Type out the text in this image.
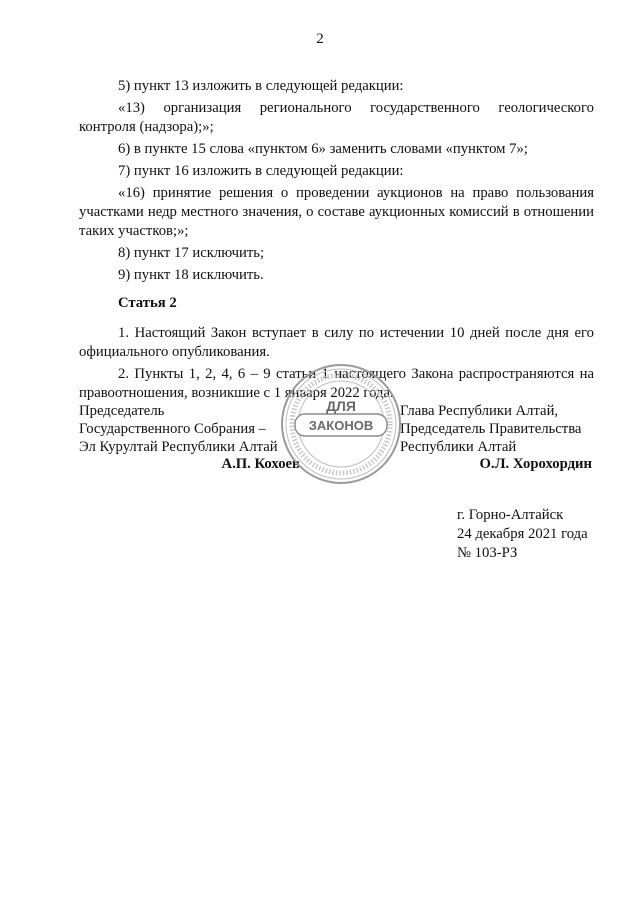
2

5) пункт 13 изложить в следующей редакции:

«13) организация регионального государственного геологического контроля (надзора);»;

6) в пункте 15 слова «пунктом 6» заменить словами «пунктом 7»;

7) пункт 16 изложить в следующей редакции:

«16) принятие решения о проведении аукционов на право пользования участками недр местного значения, о составе аукционных комиссий в отношении таких участков;»;

8) пункт 17 исключить;

9) пункт 18 исключить.

Статья 2

1. Настоящий Закон вступает в силу по истечении 10 дней после дня его официального опубликования.

2. Пункты 1, 2, 4, 6 – 9 статьи 1 настоящего Закона распространяются на правоотношения, возникшие с 1 января 2022 года.

Председатель
Государственного Собрания –
Эл Курултай Республики Алтай
А.П. Кохоев
Глава Республики Алтай,
Председатель Правительства
Республики Алтай
О.Л. Хорохордин
ДЛЯ
ЗАКОНОВ
г. Горно-Алтайск
24 декабря 2021 года
№ 103-РЗ
